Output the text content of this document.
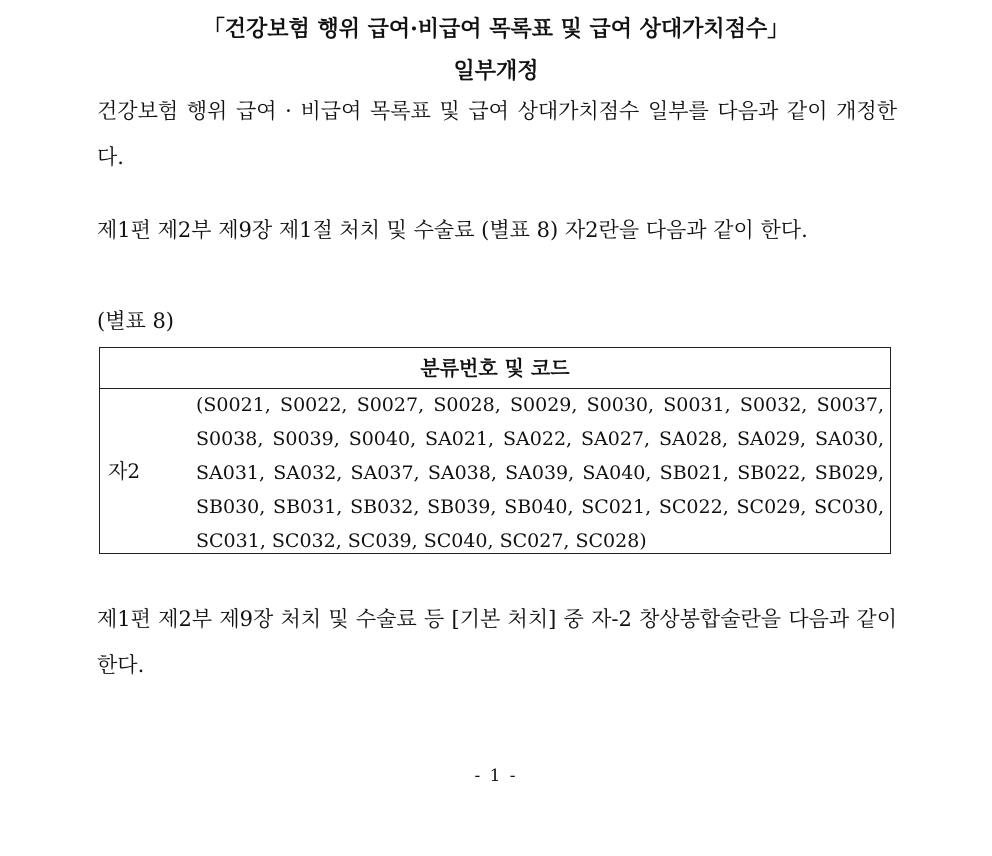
「건강보험 행위 급여·비급여 목록표 및 급여 상대가치점수」
일부개정
건강보험 행위 급여 · 비급여 목록표 및 급여 상대가치점수 일부를 다음과 같이 개정한다.
제1편 제2부 제9장 제1절 처치 및 수술료 (별표 8) 자2란을 다음과 같이 한다.
(별표 8)
분류번호 및 코드
자2
(S0021, S0022, S0027, S0028, S0029, S0030, S0031, S0032, S0037, S0038, S0039, S0040, SA021, SA022, SA027, SA028, SA029, SA030, SA031, SA032, SA037, SA038, SA039, SA040, SB021, SB022, SB029, SB030, SB031, SB032, SB039, SB040, SC021, SC022, SC029, SC030, SC031, SC032, SC039, SC040, SC027, SC028)
제1편 제2부 제9장 처치 및 수술료 등 [기본 처치] 중 자-2 창상봉합술란을 다음과 같이 한다.
- 1 -
